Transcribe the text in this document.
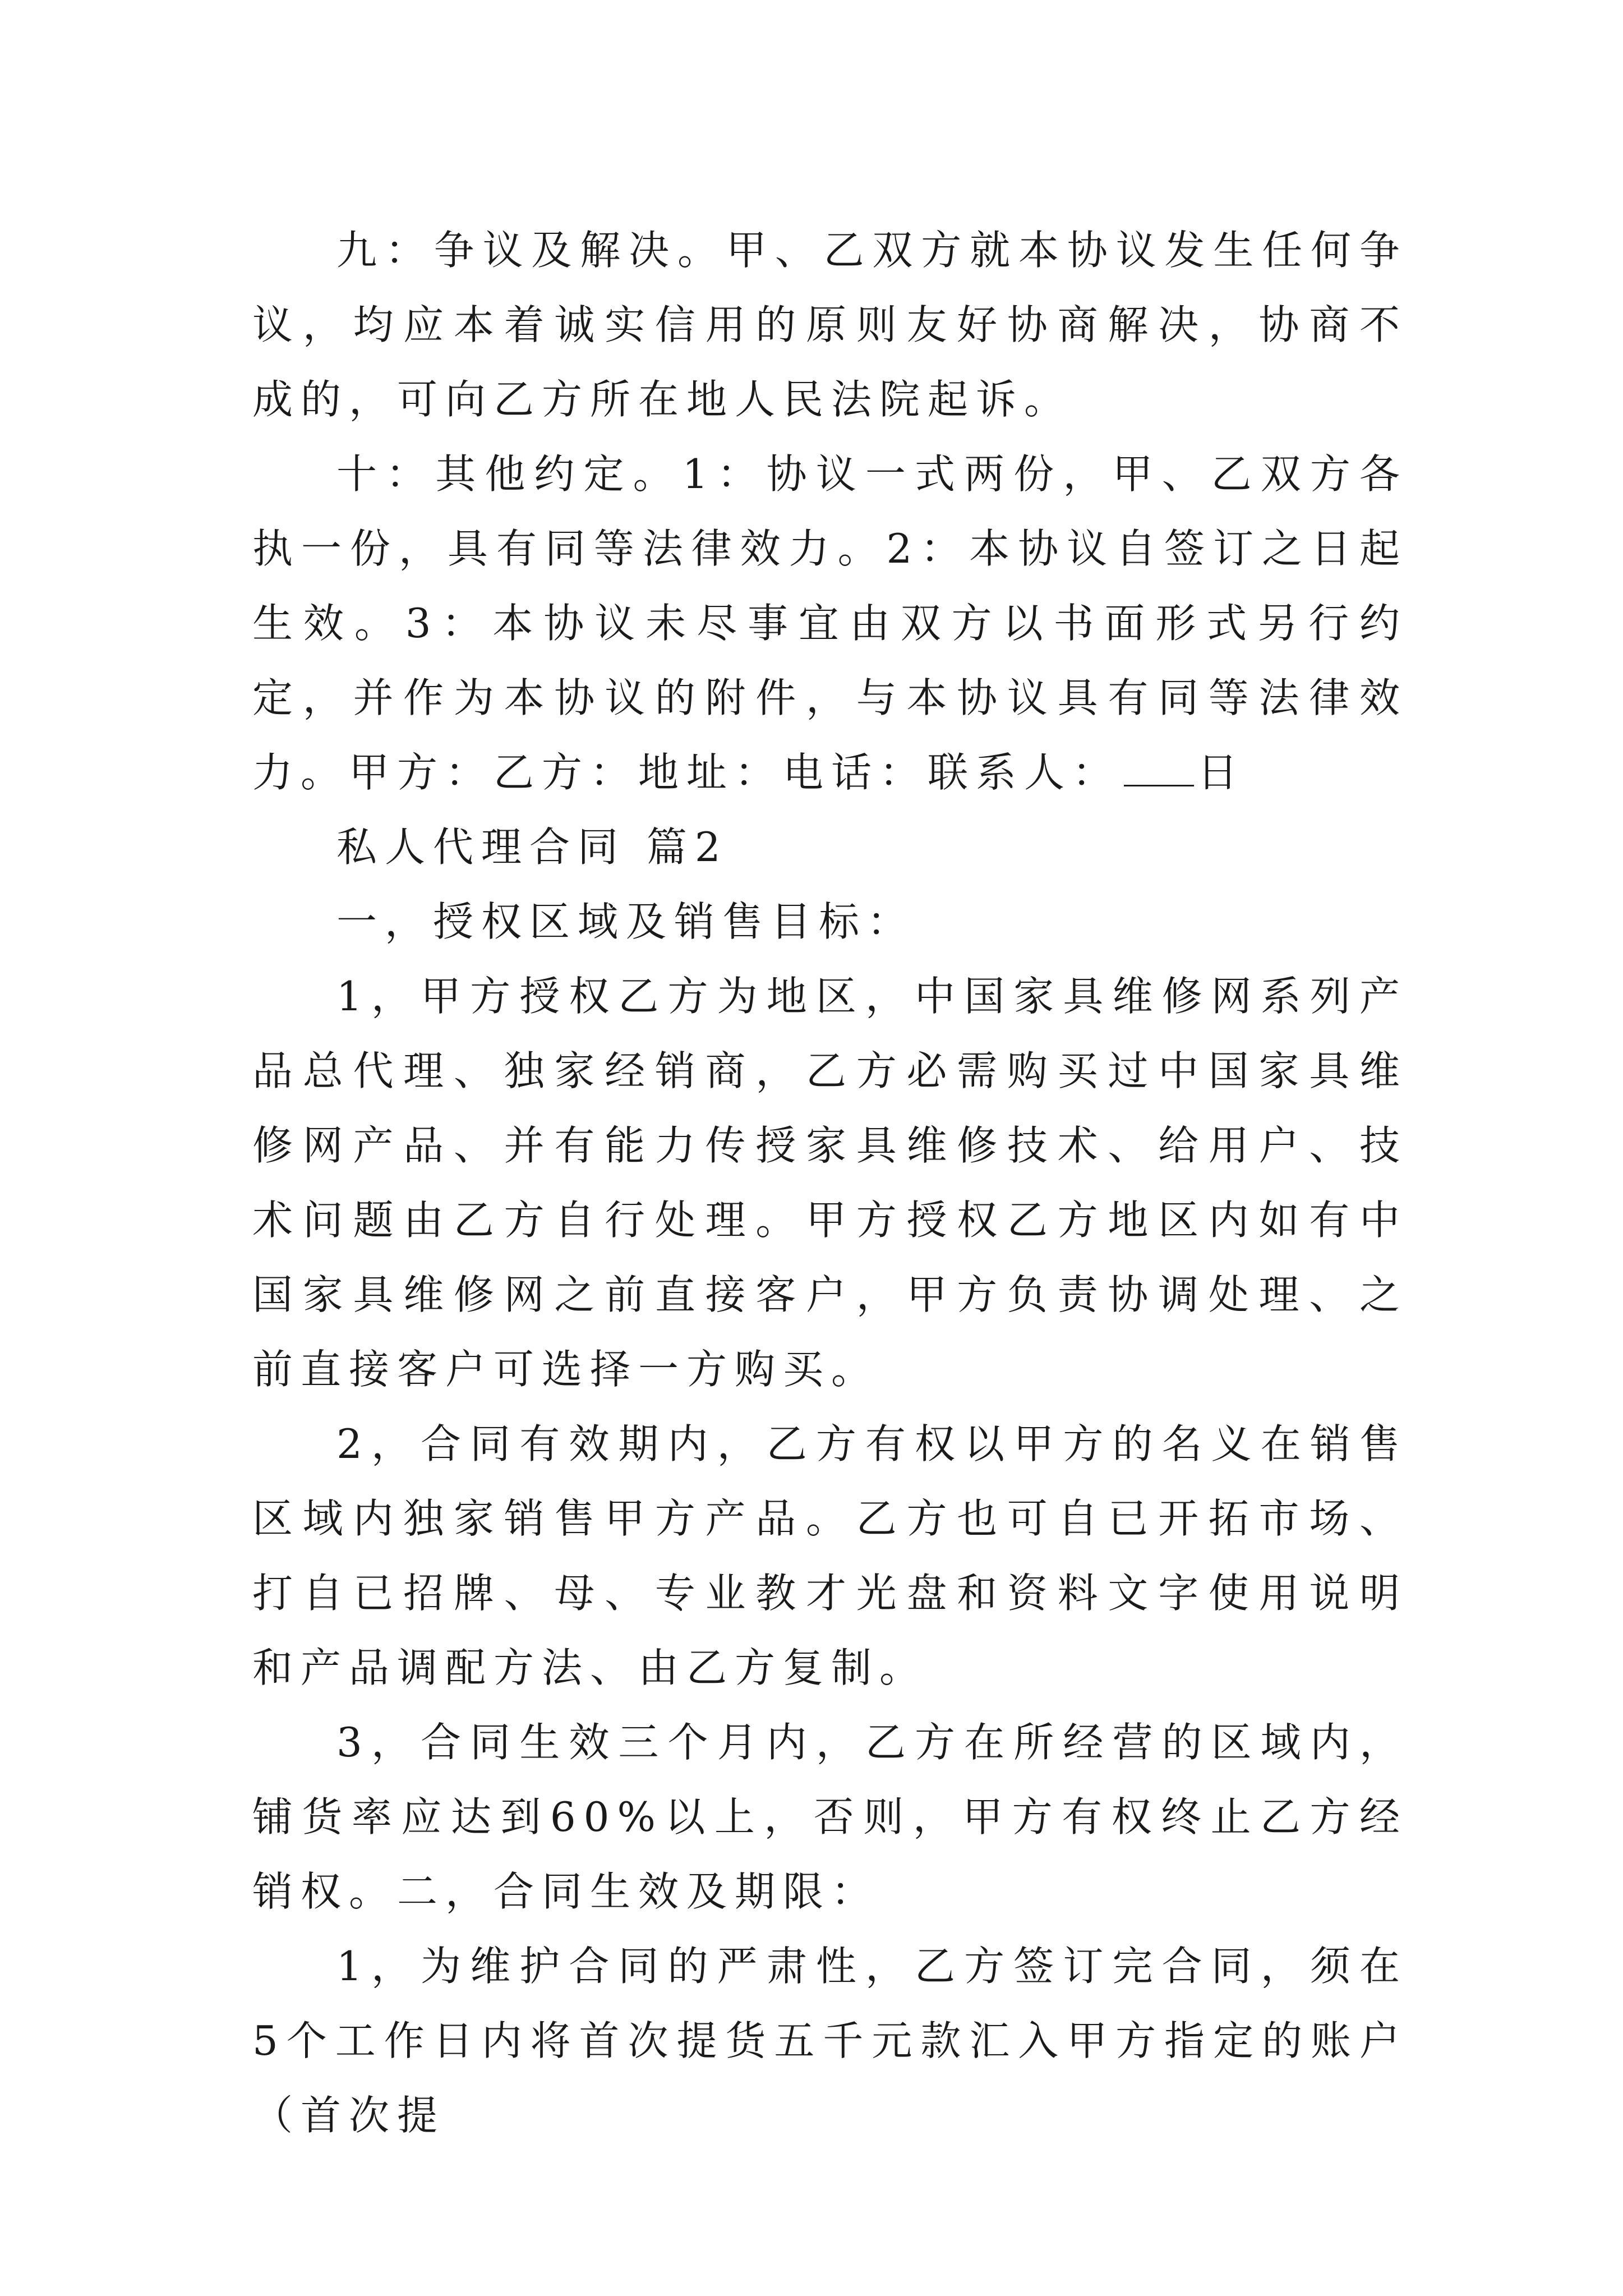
九：争议及解决。甲、乙双方就本协议发生任何争议，均应本着诚实信用的原则友好协商解决，协商不成的，可向乙方所在地人民法院起诉。

十：其他约定。1：协议一式两份，甲、乙双方各执一份，具有同等法律效力。2：本协议自签订之日起生效。3：本协议未尽事宜由双方以书面形式另行约定，并作为本协议的附件，与本协议具有同等法律效力。甲方：乙方：地址：电话：联系人： 日

私人代理合同 篇2

一，授权区域及销售目标：

1，甲方授权乙方为地区，中国家具维修网系列产品总代理、独家经销商，乙方必需购买过中国家具维修网产品、并有能力传授家具维修技术、给用户、技术问题由乙方自行处理。甲方授权乙方地区内如有中国家具维修网之前直接客户，甲方负责协调处理、之前直接客户可选择一方购买。

2，合同有效期内，乙方有权以甲方的名义在销售区域内独家销售甲方产品。乙方也可自已开拓市场、打自已招牌、母、专业教才光盘和资料文字使用说明和产品调配方法、由乙方复制。

3，合同生效三个月内，乙方在所经营的区域内，铺货率应达到60%以上，否则，甲方有权终止乙方经销权。二，合同生效及期限：

1，为维护合同的严肃性，乙方签订完合同，须在5个工作日内将首次提货五千元款汇入甲方指定的账户（首次提
